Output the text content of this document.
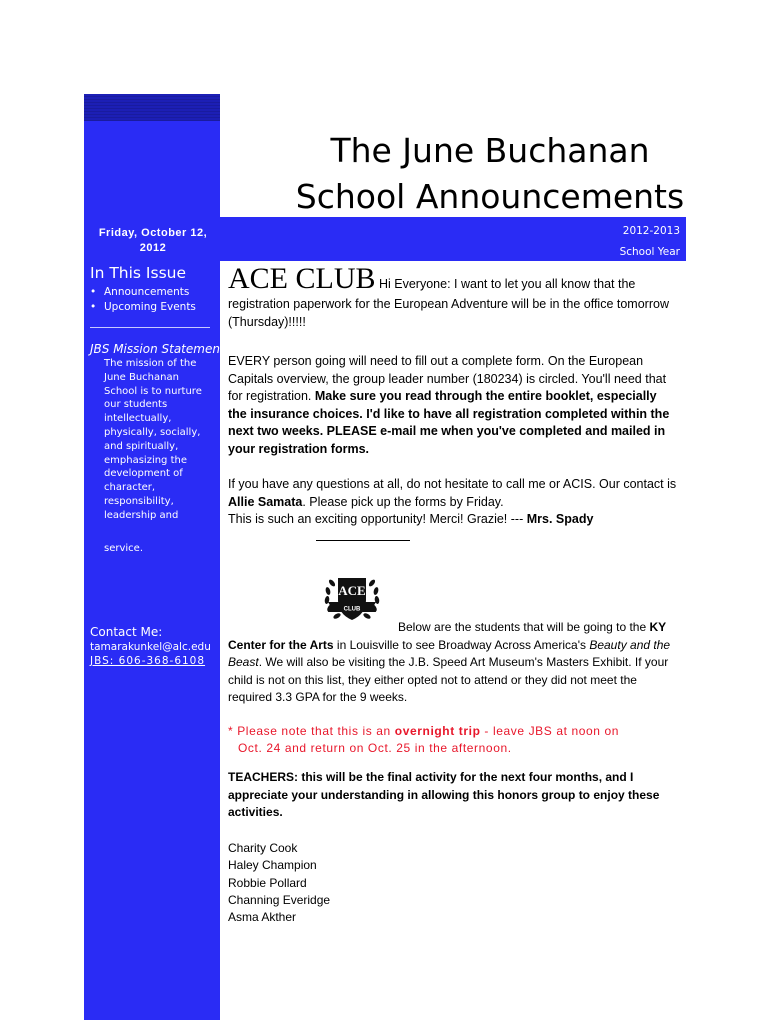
Friday, October 12, 2012
In This Issue
• Announcements
• Upcoming Events
JBS Mission Statement
The mission of the June Buchanan School is to nurture our students intellectually, physically, socially, and spiritually, emphasizing the development of character, responsibility, leadership and
service.
Contact Me:
tamarakunkel@alc.edu
JBS: 606-368-6108
The June Buchanan
School Announcements
2012-2013
School Year
ACE CLUB Hi Everyone: I want to let you all know that the
registration paperwork for the European Adventure will be in the office tomorrow (Thursday)!!!!!
EVERY person going will need to fill out a complete form. On the European Capitals overview, the group leader number (180234) is circled. You'll need that for registration. Make sure you read through the entire booklet, especially the insurance choices. I'd like to have all registration completed within the next two weeks. PLEASE e-mail me when you've completed and mailed in your registration forms.
If you have any questions at all, do not hesitate to call me or ACIS. Our contact is Allie Samata. Please pick up the forms by Friday.
This is such an exciting opportunity! Merci! Grazie! --- Mrs. Spady
ACE
CLUB
Below are the students that will be going to the KY Center for the Arts in Louisville to see Broadway Across America's Beauty and the Beast. We will also be visiting the J.B. Speed Art Museum's Masters Exhibit. If your child is not on this list, they either opted not to attend or they did not meet the required 3.3 GPA for the 9 weeks.
* Please note that this is an overnight trip - leave JBS at noon on
Oct. 24 and return on Oct. 25 in the afternoon.
TEACHERS: this will be the final activity for the next four months, and I appreciate your understanding in allowing this honors group to enjoy these activities.
Charity Cook
Haley Champion
Robbie Pollard
Channing Everidge
Asma Akther
